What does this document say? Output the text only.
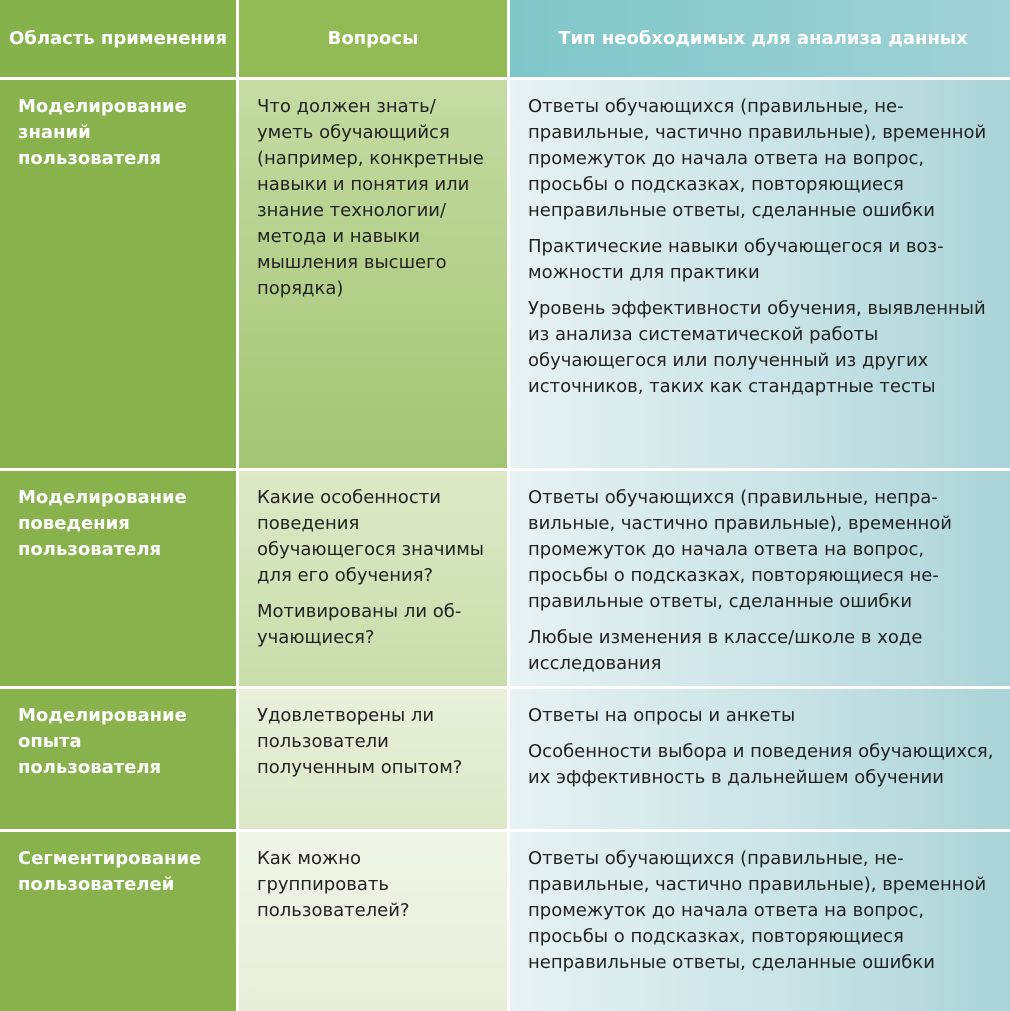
Область применения	Вопросы	Тип необходимых для анализа данных
Моделирование знаний пользователя

Что должен знать/ уметь обучающийся (например, конкретные навыки и понятия или знание технологии/метода и навыки мышления высшего порядка)

Ответы обучающихся (правильные, неправильные, частично правильные), временной промежуток до начала ответа на вопрос, просьбы о подсказках, повторяющиеся неправильные ответы, сделанные ошибки

Практические навыки обучающегося и возможности для практики

Уровень эффективности обучения, выявленный из анализа систематической работы обучающегося или полученный из других источников, таких как стандартные тесты

Моделирование поведения пользователя

Какие особенности поведения обучающегося значимы для его обучения?

Мотивированы ли обучающиеся?

Ответы обучающихся (правильные, неправильные, частично правильные), временной промежуток до начала ответа на вопрос, просьбы о подсказках, повторяющиеся неправильные ответы, сделанные ошибки

Любые изменения в классе/школе в ходе исследования

Моделирование опыта пользователя

Удовлетворены ли пользователи полученным опытом?

Ответы на опросы и анкеты

Особенности выбора и поведения обучающихся, их эффективность в дальнейшем обучении

Сегментирование пользователей

Как можно группировать пользователей?

Ответы обучающихся (правильные, неправильные, частично правильные), временной промежуток до начала ответа на вопрос, просьбы о подсказках, повторяющиеся неправильные ответы, сделанные ошибки
